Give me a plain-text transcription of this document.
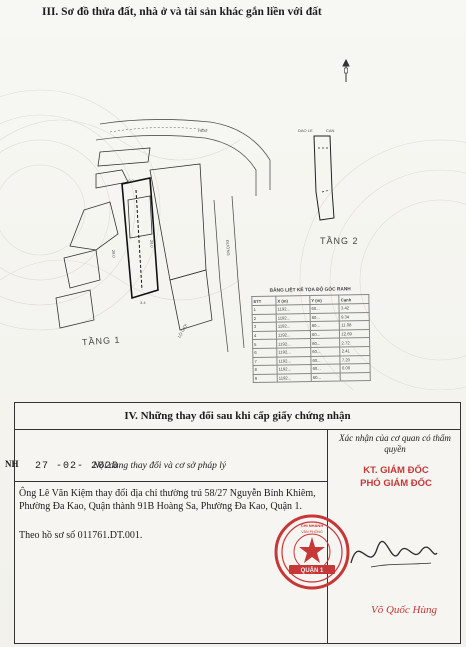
III. Sơ đồ thửa đất, nhà ở và tài sản khác gắn liền với đất
10.0
29.0
28.0
3.4
HẺM
ĐƯỜNG
LỘ GIỚI
DAO LE	CAN
TẦNG 1
TẦNG 2
BẢNG LIỆT KÊ TỌA ĐỘ GÓC RANH
STT	X (m)	Y (m)	Cạnh
1	1192...	60...	3.42
2	1192...	60...	9.34
3	1192...	60...	11.08
4	1192...	60...	12.69
5	1192...	60...	2.72
6	1192...	60...	2.41
7	1192...	60...	7.20
8	1192...	60...	0.00
9	1192...	60...	
IV. Những thay đổi sau khi cấp giấy chứng nhận
NH 27 -02- 2020
Nội dung thay đổi và cơ sở pháp lý
Xác nhận của cơ quan có thẩm quyền

Ông Lê Văn Kiệm thay đổi địa chỉ thường trú 58/27 Nguyễn Bỉnh Khiêm, Phường Đa Kao, Quận thành 91B Hoàng Sa, Phường Đa Kao, Quận 1.

Theo hồ sơ số 011761.DT.001.
KT. GIÁM ĐỐC
PHÓ GIÁM ĐỐC
QUẬN 1
CHI NHÁNH
VĂN PHÒNG
Võ Quốc Hùng
